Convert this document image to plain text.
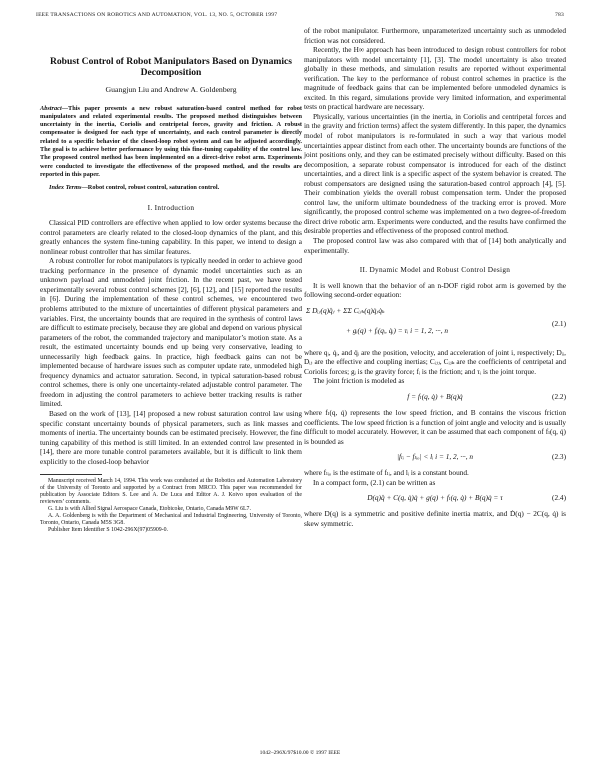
IEEE TRANSACTIONS ON ROBOTICS AND AUTOMATION, VOL. 13, NO. 5, OCTOBER 1997	783
Robust Control of Robot Manipulators Based on Dynamics Decomposition
Guangjun Liu and Andrew A. Goldenberg

Abstract—This paper presents a new robust saturation-based control method for robot manipulators and related experimental results. The proposed method distinguishes between uncertainty in the inertia, Coriolis and centripetal forces, gravity and friction. A robust compensator is designed for each type of uncertainty, and each control parameter is directly related to a specific behavior of the closed-loop robot system and can be adjusted accordingly. The goal is to achieve better performance by using this fine-tuning capability of the control law. The proposed control method has been implemented on a direct-drive robot arm. Experiments were conducted to investigate the effectiveness of the proposed method, and the results are reported in this paper.

Index Terms—Robot control, robust control, saturation control.

I. Introduction

Classical PID controllers are effective when applied to low order systems because the control parameters are clearly related to the closed-loop dynamics of the plant, and this greatly enhances the system fine-tuning capability. In this paper, we intend to design a nonlinear robust controller that has similar features.

A robust controller for robot manipulators is typically needed in order to achieve good tracking performance in the presence of dynamic model uncertainties such as an unknown payload and unmodeled joint friction. In the recent past, we have tested experimentally several robust control schemes [2], [6], [12], and [15] reported the results in [6]. During the implementation of these control schemes, we encountered two problems attributed to the mixture of uncertainties of different physical parameters and variables. First, the uncertainty bounds that are required in the synthesis of control laws are difficult to estimate precisely, because they are global and depend on various physical parameters of the robot, the commanded trajectory and manipulator’s motion state. As a result, the estimated uncertainty bounds end up being very conservative, leading to unnecessarily high feedback gains. In practice, high feedback gains can not be implemented because of hardware issues such as computer update rate, unmodeled high frequency dynamics and actuator saturation. Second, in typical saturation-based robust control schemes, there is only one uncertainty-related adjustable control parameter. The freedom in adjusting the control parameters to achieve better tracking results is rather limited.

Based on the work of [13], [14] proposed a new robust saturation control law using specific constant uncertainty bounds of physical parameters, such as link masses and moments of inertia. The uncertainty bounds can be estimated precisely. However, the fine tuning capability of this method is still limited. In an extended control law presented in [14], there are more tunable control parameters available, but it is difficult to link them explicitly to the closed-loop behavior

Manuscript received March 14, 1994. This work was conducted at the Robotics and Automation Laboratory of the University of Toronto and supported by a Contract from MRCO. This paper was recommended for publication by Associate Editors S. Lee and A. De Luca and Editor A. J. Koivo upon evaluation of the reviewers’ comments.

G. Liu is with Allied Signal Aerospace Canada, Etobicoke, Ontario, Canada M9W 6L7.

A. A. Goldenberg is with the Department of Mechanical and Industrial Engineering, University of Toronto, Toronto, Ontario, Canada M5S 3G8.

Publisher Item Identifier S 1042-296X(97)05909-0.

of the robot manipulator. Furthermore, unparameterized uncertainty such as unmodeled friction was not considered.

Recently, the H∞ approach has been introduced to design robust controllers for robot manipulators with model uncertainty [1], [3]. The model uncertainty is also treated globally in these methods, and simulation results are reported without experimental verification. The key to the performance of robust control schemes in practice is the magnitude of feedback gains that can be implemented before unmodeled dynamics is excited. In this regard, simulations provide very limited information, and experimental tests on practical hardware are necessary.

Physically, various uncertainties (in the inertia, in Coriolis and centripetal forces and in the gravity and friction terms) affect the system differently. In this paper, the dynamics model of robot manipulators is re-formulated in such a way that various model uncertainties appear distinct from each other. The uncertainty bounds are functions of the joint positions only, and they can be estimated precisely without difficulty. Based on this decomposition, a separate robust compensator is introduced for each of the distinct uncertainties, and a direct link is a specific aspect of the system behavior is created. The robust compensators are designed using the saturation-based control approach [4], [5]. Their combination yields the overall robust compensation term. Under the proposed control law, the uniform ultimate boundedness of the tracking error is proved. More significantly, the proposed control scheme was implemented on a two degree-of-freedom direct drive robotic arm. Experiments were conducted, and the results have confirmed the desirable properties and effectiveness of the proposed control method.

The proposed control law was also compared with that of [14] both analytically and experimentally.

II. Dynamic Model and Robust Control Design

It is well known that the behavior of an n-DOF rigid robot arm is governed by the following second-order equation:

Σ Dᵢⱼ(q)q̈ⱼ + ΣΣ Cᵢⱼₖ(q)q̇ⱼq̇ₖ
+ gᵢ(q) + fᵢ(qᵢ, q̇ᵢ) = τᵢ i = 1, 2, ···, n
(2.1)

where qᵢ, q̇ᵢ, and q̈ᵢ are the position, velocity, and acceleration of joint i, respectively; Dᵢᵢ, Dᵢⱼ are the effective and coupling inertias; Cᵢⱼⱼ, Cᵢⱼₖ are the coefficients of centripetal and Coriolis forces; gᵢ is the gravity force; fᵢ is the friction; and τᵢ is the joint torque.

The joint friction is modeled as

f = fₗ(q, q̇) + B(q)q̇	(2.2)

where fₗ(q, q̇) represents the low speed friction, and B contains the viscous friction coefficients. The low speed friction is a function of joint angle and velocity and is usually difficult to model accurately. However, it can be assumed that each component of fₗ(q, q̇) is bounded as

|fₗᵢ − fₗᵢₒ| < lᵢ i = 1, 2, ···, n	(2.3)

where fₗᵢₒ is the estimate of fₗᵢ, and lᵢ is a constant bound.

In a compact form, (2.1) can be written as

D(q)q̈ + C(q, q̇)q̇ + g(q) + fₗ(q, q̇) + B(q)q̇ = τ	(2.4)

where D(q) is a symmetric and positive definite inertia matrix, and Ḋ(q) − 2C(q, q̇) is skew symmetric.

1042–296X/97$10.00 © 1997 IEEE
